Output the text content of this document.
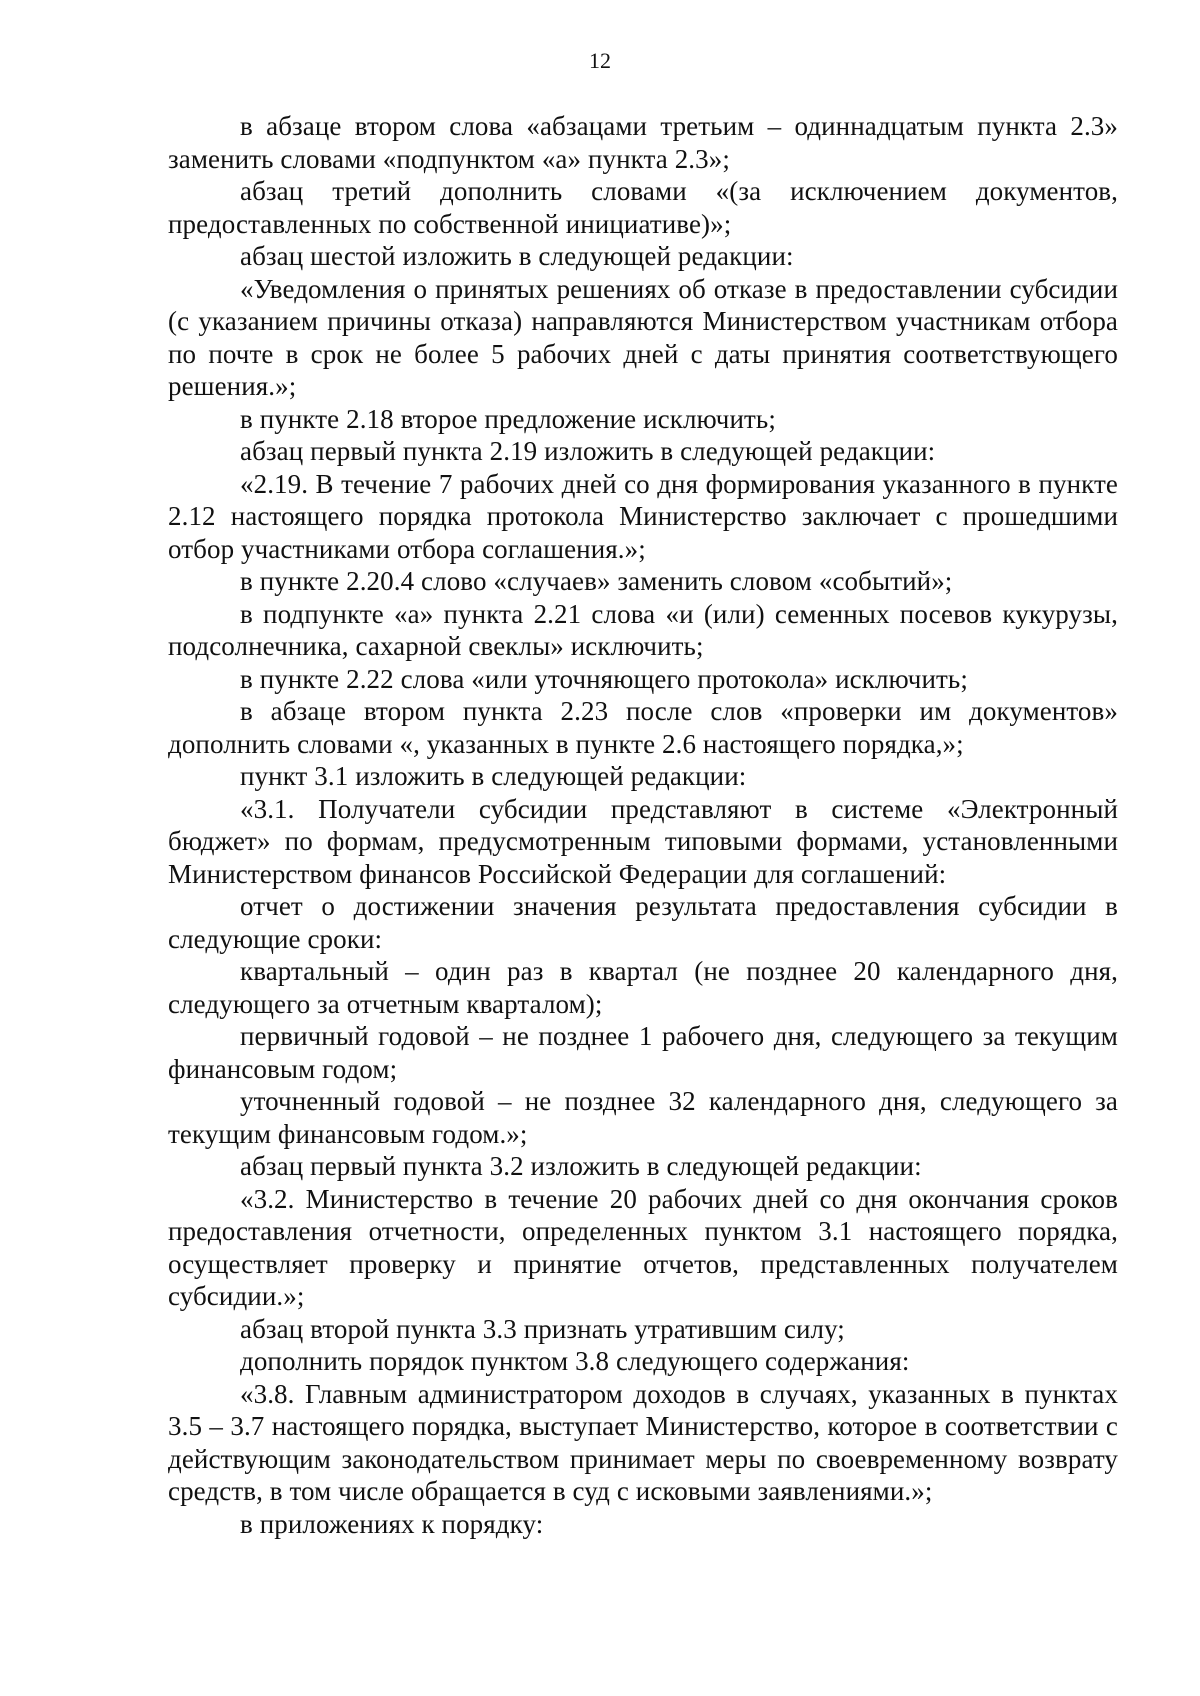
12

в абзаце втором слова «абзацами третьим – одиннадцатым пункта 2.3» заменить словами «подпунктом «а» пункта 2.3»;

абзац третий дополнить словами «(за исключением документов, предоставленных по собственной инициативе)»;

абзац шестой изложить в следующей редакции:

«Уведомления о принятых решениях об отказе в предоставлении субсидии (с указанием причины отказа) направляются Министерством участникам отбора по почте в срок не более 5 рабочих дней с даты принятия соответствующего решения.»;

в пункте 2.18 второе предложение исключить;

абзац первый пункта 2.19 изложить в следующей редакции:

«2.19. В течение 7 рабочих дней со дня формирования указанного в пункте 2.12 настоящего порядка протокола Министерство заключает с прошедшими отбор участниками отбора соглашения.»;

в пункте 2.20.4 слово «случаев» заменить словом «событий»;

в подпункте «а» пункта 2.21 слова «и (или) семенных посевов кукурузы, подсолнечника, сахарной свеклы» исключить;

в пункте 2.22 слова «или уточняющего протокола» исключить;

в абзаце втором пункта 2.23 после слов «проверки им документов» дополнить словами «, указанных в пункте 2.6 настоящего порядка,»;

пункт 3.1 изложить в следующей редакции:

«3.1. Получатели субсидии представляют в системе «Электронный бюджет» по формам, предусмотренным типовыми формами, установленными Министерством финансов Российской Федерации для соглашений:

отчет о достижении значения результата предоставления субсидии в следующие сроки:

квартальный – один раз в квартал (не позднее 20 календарного дня, следующего за отчетным кварталом);

первичный годовой – не позднее 1 рабочего дня, следующего за текущим финансовым годом;

уточненный годовой – не позднее 32 календарного дня, следующего за текущим финансовым годом.»;

абзац первый пункта 3.2 изложить в следующей редакции:

«3.2. Министерство в течение 20 рабочих дней со дня окончания сроков предоставления отчетности, определенных пунктом 3.1 настоящего порядка, осуществляет проверку и принятие отчетов, представленных получателем субсидии.»;

абзац второй пункта 3.3 признать утратившим силу;

дополнить порядок пунктом 3.8 следующего содержания:

«3.8. Главным администратором доходов в случаях, указанных в пунктах 3.5 – 3.7 настоящего порядка, выступает Министерство, которое в соответствии с действующим законодательством принимает меры по своевременному возврату средств, в том числе обращается в суд с исковыми заявлениями.»;

в приложениях к порядку:
